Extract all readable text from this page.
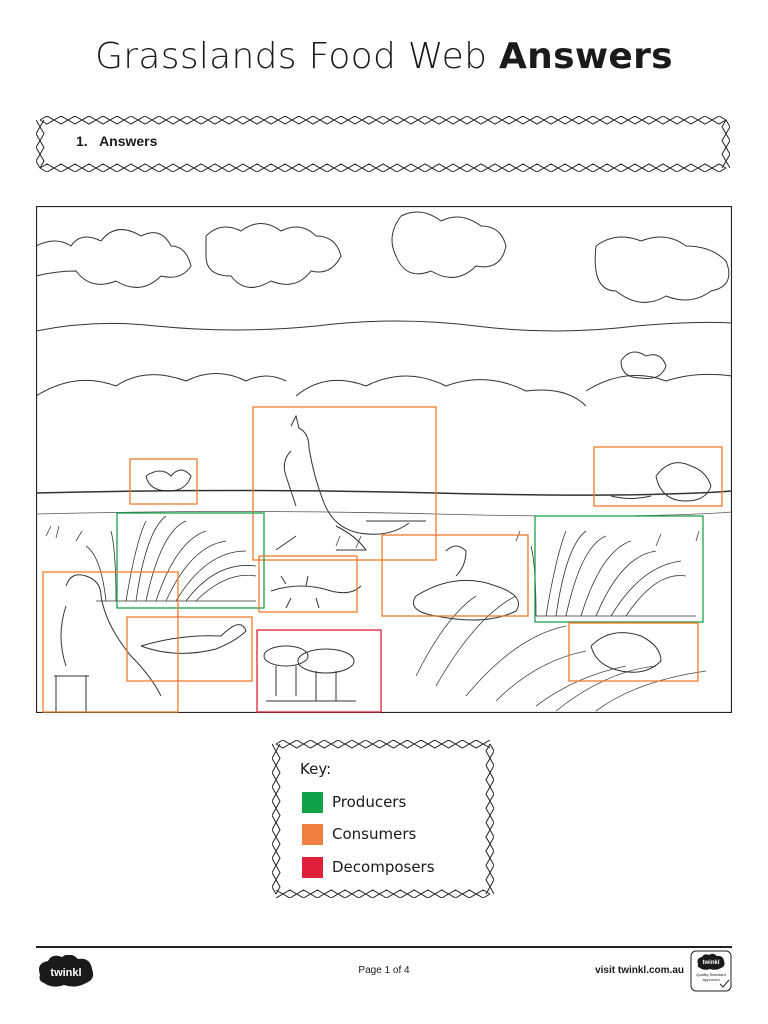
Grasslands Food Web Answers
1. Answers
Key:
Producers
Consumers
Decomposers
twinkl	Page 1 of 4	visit twinkl.com.au
twinkl
Quality Standard
Approved
